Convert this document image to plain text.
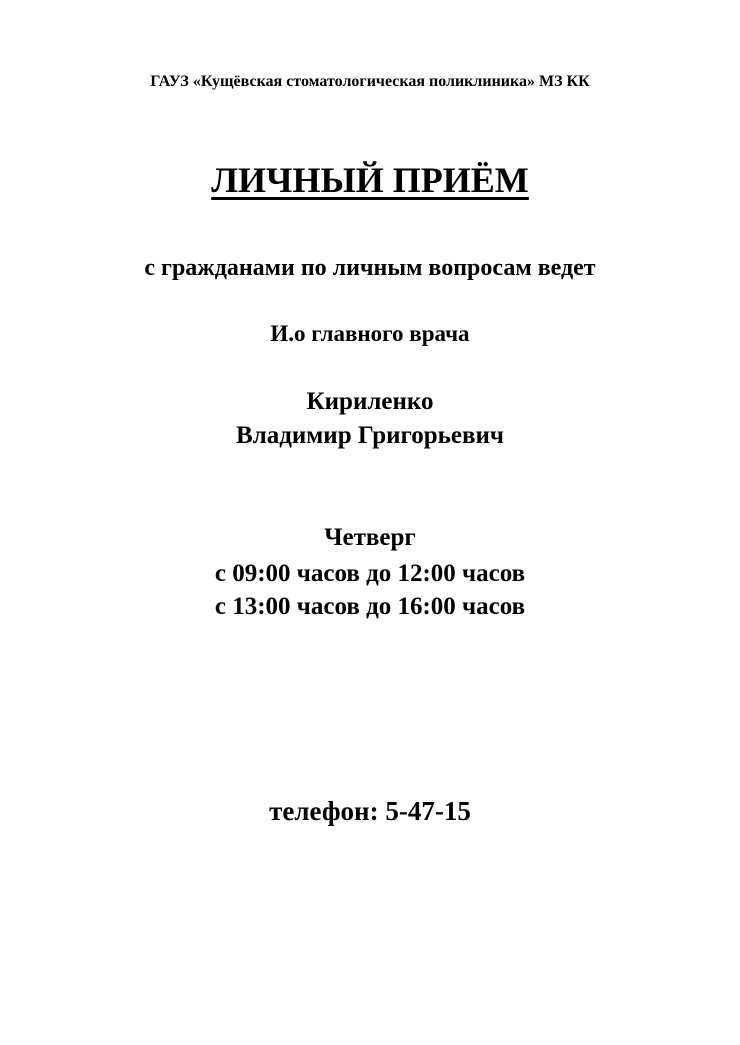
ГАУЗ «Кущёвская стоматологическая поликлиника» МЗ КК

ЛИЧНЫЙ ПРИЁМ

с гражданами по личным вопросам ведет

И.о главного врача

Кириленко

Владимир Григорьевич

Четверг

с 09:00 часов до 12:00 часов

с 13:00 часов до 16:00 часов

телефон: 5-47-15
